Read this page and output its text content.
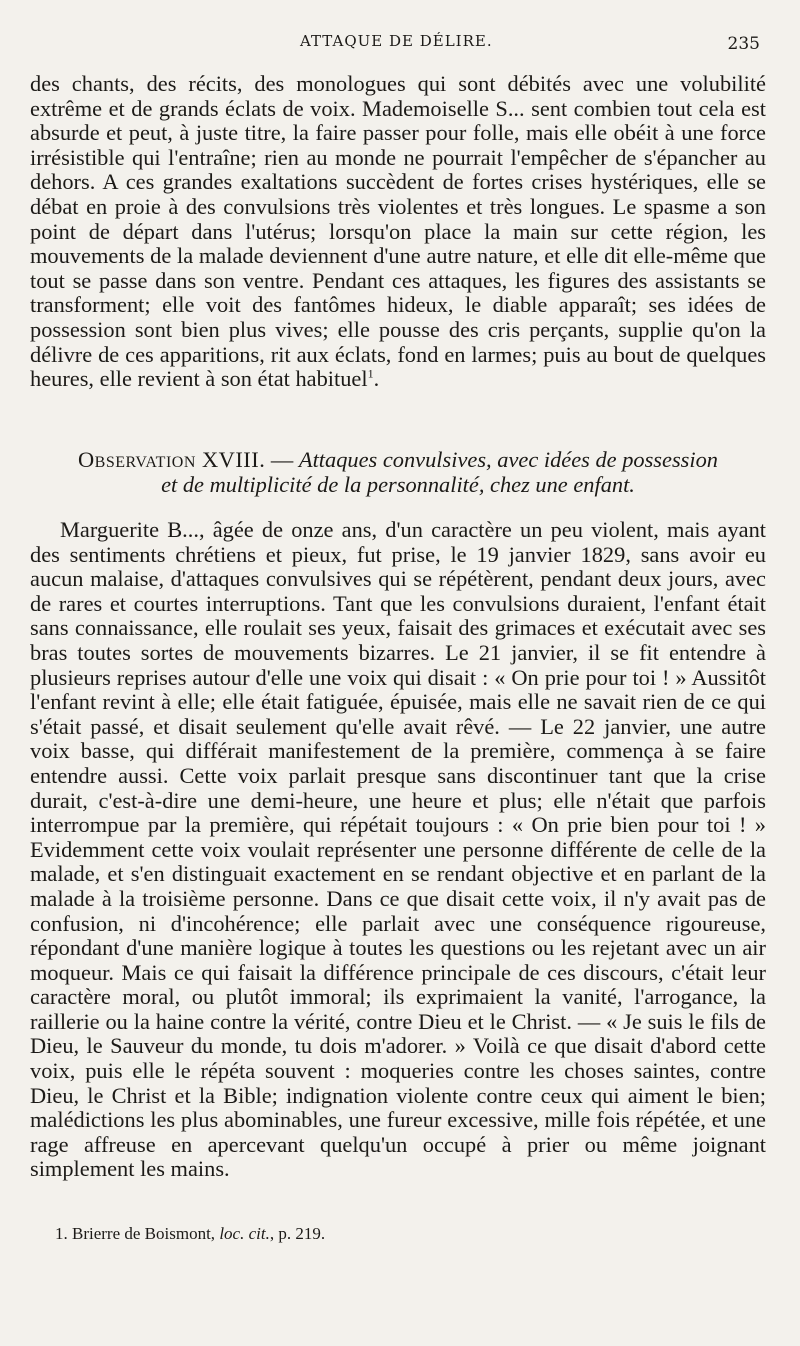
ATTAQUE DE DÉLIRE.	235

des chants, des récits, des monologues qui sont débités avec une volubilité extrême et de grands éclats de voix. Mademoiselle S... sent combien tout cela est absurde et peut, à juste titre, la faire passer pour folle, mais elle obéit à une force irrésistible qui l'entraîne; rien au monde ne pourrait l'empêcher de s'épancher au dehors. A ces grandes exaltations succèdent de fortes crises hystériques, elle se débat en proie à des convulsions très violentes et très longues. Le spasme a son point de départ dans l'utérus; lorsqu'on place la main sur cette région, les mouvements de la malade deviennent d'une autre nature, et elle dit elle-même que tout se passe dans son ventre. Pendant ces attaques, les figures des assistants se transforment; elle voit des fantômes hideux, le diable apparaît; ses idées de possession sont bien plus vives; elle pousse des cris perçants, supplie qu'on la délivre de ces apparitions, rit aux éclats, fond en larmes; puis au bout de quelques heures, elle revient à son état habituel$^1$.

Observation XVIII. — Attaques convulsives, avec idées de possession
et de multiplicité de la personnalité, chez une enfant.

Marguerite B..., âgée de onze ans, d'un caractère un peu violent, mais ayant des sentiments chrétiens et pieux, fut prise, le 19 janvier 1829, sans avoir eu aucun malaise, d'attaques convulsives qui se répétèrent, pendant deux jours, avec de rares et courtes interruptions. Tant que les convulsions duraient, l'enfant était sans connaissance, elle roulait ses yeux, faisait des grimaces et exécutait avec ses bras toutes sortes de mouvements bizarres. Le 21 janvier, il se fit entendre à plusieurs reprises autour d'elle une voix qui disait : « On prie pour toi ! » Aussitôt l'enfant revint à elle; elle était fatiguée, épuisée, mais elle ne savait rien de ce qui s'était passé, et disait seulement qu'elle avait rêvé. — Le 22 janvier, une autre voix basse, qui différait manifestement de la première, commença à se faire entendre aussi. Cette voix parlait presque sans discontinuer tant que la crise durait, c'est-à-dire une demi-heure, une heure et plus; elle n'était que parfois interrompue par la première, qui répétait toujours : « On prie bien pour toi ! » Evidemment cette voix voulait représenter une personne différente de celle de la malade, et s'en distinguait exactement en se rendant objective et en parlant de la malade à la troisième personne. Dans ce que disait cette voix, il n'y avait pas de confusion, ni d'incohérence; elle parlait avec une conséquence rigoureuse, répondant d'une manière logique à toutes les questions ou les rejetant avec un air moqueur. Mais ce qui faisait la différence principale de ces discours, c'était leur caractère moral, ou plutôt immoral; ils exprimaient la vanité, l'arrogance, la raillerie ou la haine contre la vérité, contre Dieu et le Christ. — « Je suis le fils de Dieu, le Sauveur du monde, tu dois m'adorer. » Voilà ce que disait d'abord cette voix, puis elle le répéta souvent : moqueries contre les choses saintes, contre Dieu, le Christ et la Bible; indignation violente contre ceux qui aiment le bien; malédictions les plus abominables, une fureur excessive, mille fois répétée, et une rage affreuse en apercevant quelqu'un occupé à prier ou même joignant simplement les mains.

1. Brierre de Boismont, loc. cit., p. 219.
